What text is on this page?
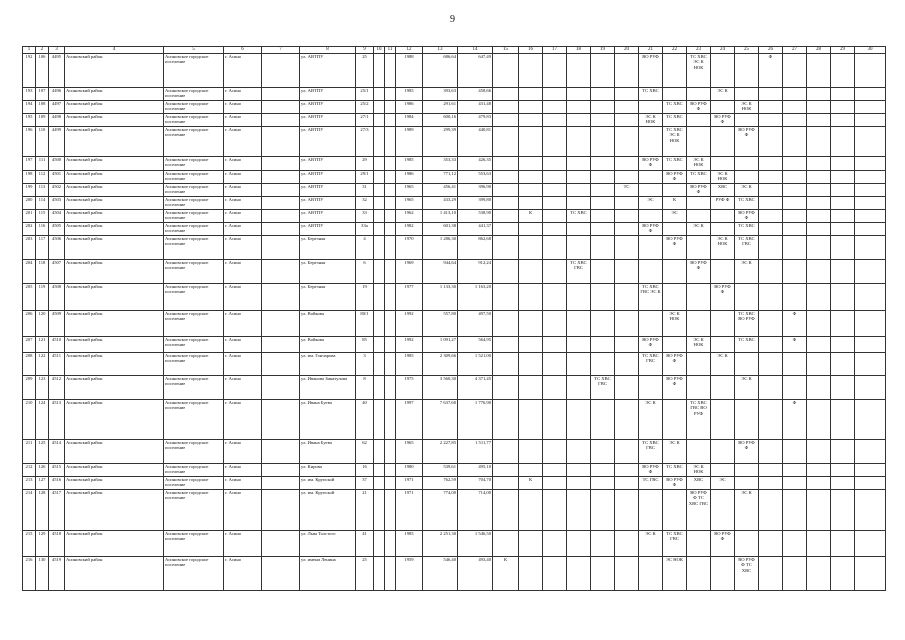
9
1	2	3	4	5	6	7	8	9	10	11	12	13	14	15	16	17	18	19	20	21	22	23	24	25	26	27	28	29	30
192	106	4495	Асиновский район	Асиновское городское поселение	г. Асино		ул. АВТПУ	25			1988	686,64	647,49							ВО РУФ		ТС ХВС ЭС К НОК			Ф				
193	107	4496	Асиновский район	Асиновское городское поселение	г. Асино		ул. АВТПУ	25/1			1985	393,63	458,66							ТС ХВС			ЭС К						
194	108	4497	Асиновский район	Асиновское городское поселение	г. Асино		ул. АВТПУ	25/2			1986	291,61	431,48								ТС ХВС	ВО РУФ Ф		ЭС К НОК					
195	109	4498	Асиновский район	Асиновское городское поселение	г. Асино		ул. АВТПУ	27/1			1984	600,16	479,83							ЭС К НОК	ТС ХВС		ВО РУФ Ф						
196	110	4499	Асиновский район	Асиновское городское поселение	г. Асино		ул. АВТПУ	27/3			1989	299,39	440,81								ТС ХВС ЭС К НОК			ВО РУФ Ф					
197	111	4500	Асиновский район	Асиновское городское поселение	г. Асино		ул. АВТПУ	29			1985	353,33	426,35							ВО РУФ Ф	ТС ХВС	ЭС К НОК							
198	112	4501	Асиновский район	Асиновское городское поселение	г. Асино		ул. АВТПУ	29/1			1986	771,12	553,63								ВО РУФ Ф	ТС ХВС	ЭС К НОК						
199	113	4502	Асиновский район	Асиновское городское поселение	г. Асино		ул. АВТПУ	31			1965	456,41	396,90						ТС			ВО РУФ Ф	ХВС	ЭС К					
200	114	4503	Асиновский район	Асиновское городское поселение	г. Асино		ул. АВТПУ	32			1965	433,29	399,80							ЭС	К		РУФ Ф	ТС ХВС					
201	115	4504	Асиновский район	Асиновское городское поселение	г. Асино		ул. АВТПУ	33			1962	1 413,10	538,90		К		ТС ХВС				ЭС			ВО РУФ Ф					
202	116	4505	Асиновский район	Асиновское городское поселение	г. Асино		ул. АВТПУ	33а			1982	601,38	441,37							ВО РУФ Ф		ЭС К		ТС ХВС					
203	117	4506	Асиновский район	Асиновское городское поселение	г. Асино		ул. Березная	4			1970	1 286,30	862,68								ВО РУФ Ф		ЭС К НОК	ТС ХВС ГВС					
204	118	4507	Асиновский район	Асиновское городское поселение	г. Асино		ул. Березная	6			1969	944,64	912,24				ТС ХВС ГВС					ВО РУФ Ф		ЭС К					
205	119	4508	Асиновский район	Асиновское городское поселение	г. Асино		ул. Березная	19			1977	1 133,30	1 163,20							ТС ХВС ГВС ЭС К			ВО РУФ Ф						
206	120	4509	Асиновский район	Асиновское городское поселение	г. Асино		ул. Войкова	80/1			1992	557,80	497,50								ЭС К НОК			ТС ХВС ВО РУФ		Ф			
207	121	4510	Асиновский район	Асиновское городское поселение	г. Асино		ул. Войкова	85			1992	1 091,27	564,95							ВО РУФ Ф		ЭС К НОК		ТС ХВС		Ф			
208	122	4511	Асиновский район	Асиновское городское поселение	г. Асино		ул. им. Гончарова	3			1985	2 309,66	1 521,00							ТС ХВС ГВС	ВО РУФ Ф		ЭС К						
209	123	4512	Асиновский район	Асиновское городское поселение	г. Асино		ул. Иванова Зинатулова	8			1975	3 560,30	4 371,45					ТС ХВС ГВС			ВО РУФ Ф			ЭС К					
210	124	4513	Асиновский район	Асиновское городское поселение	г. Асино		ул. Ивана Буева	40			1997	7 637,60	1 776,90							ЭС К		ТС ХВС ГВС ВО РУФ				Ф			
211	125	4514	Асиновский район	Асиновское городское поселение	г. Асино		ул. Ивана Буева	62			1965	2 227,85	1 511,77							ТС ХВС ГВС	ЭС К			ВО РУФ Ф					
212	126	4515	Асиновский район	Асиновское городское поселение	г. Асино		ул. Кирова	16			1980	539,61	495,10							ВО РУФ Ф	ТС ХВС	ЭС К НОК							
213	127	4516	Асиновский район	Асиновское городское поселение	г. Асино		ул. им. Крупской	37			1971	762,59	704,70		К					ТС ГВС	ВО РУФ Ф	ХВС	ЭС						
214	128	4517	Асиновский район	Асиновское городское поселение	г. Асино		ул. им. Крупской	21			1971	774,00	714,00									ВО РУФ Ф ТС ХВС ГВС		ЭС К					
215	129	4518	Асиновский район	Асиновское городское поселение	г. Асино		ул. Льва Толстого	41			1985	2 251,30	1 546,50							ЭС К	ТС ХВС ГВС		ВО РУФ Ф						
216	130	4519	Асиновский район	Асиновское городское поселение	г. Асино		ул. имени Ленина	25			1959	546,40	493,40	К							ЭС НОК			ВО РУФ Ф ТС ХВС					
